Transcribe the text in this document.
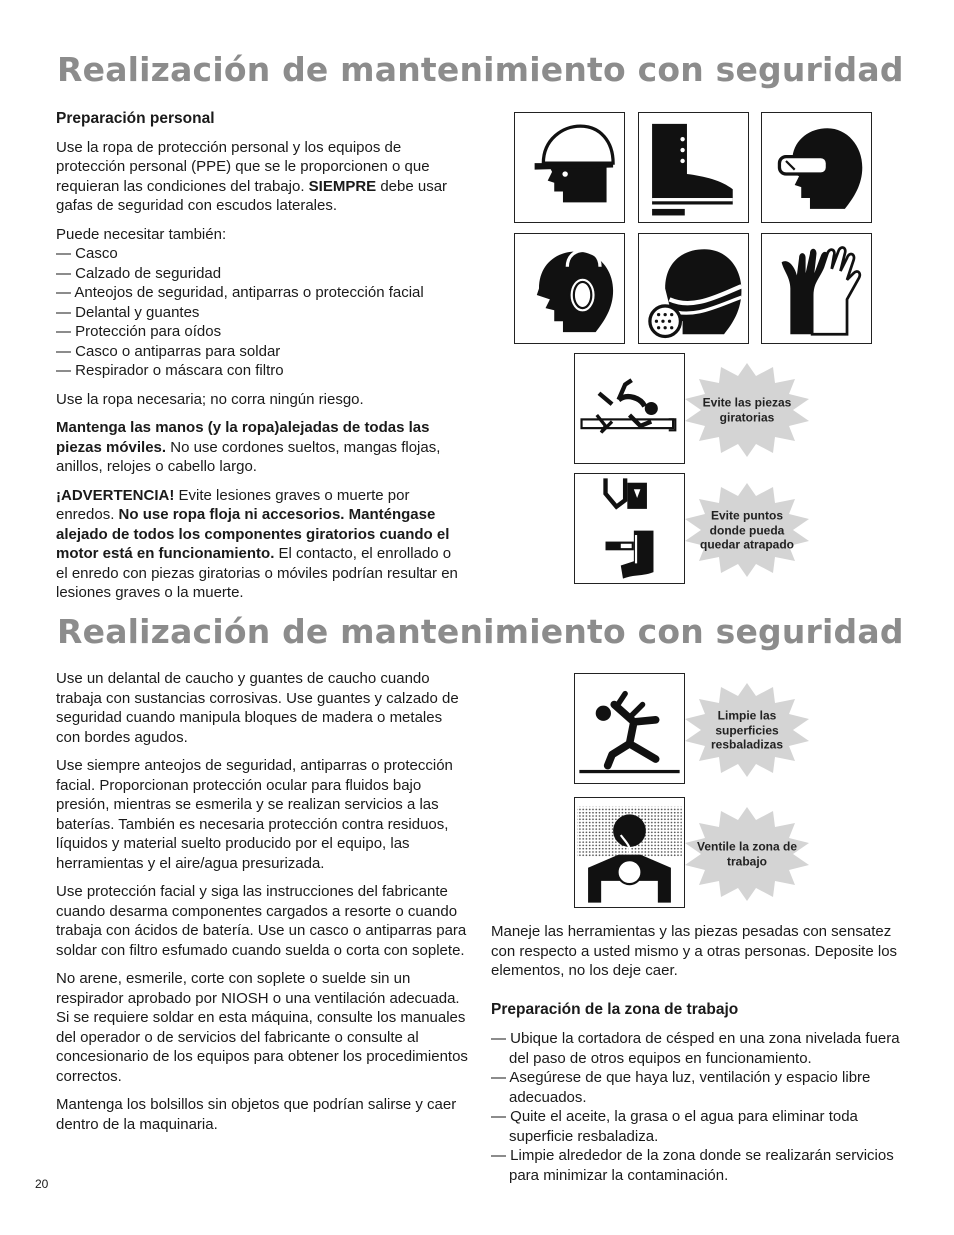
Realización de mantenimiento con seguridad
Preparación personal

Use la ropa de protección personal y los equipos de protección personal (PPE) que se le proporcionen o que requieran las condiciones del trabajo. SIEMPRE debe usar gafas de seguridad con escudos laterales.

Puede necesitar también:

— Casco
— Calzado de seguridad
— Anteojos de seguridad, antiparras o protección facial
— Delantal y guantes
— Protección para oídos
— Casco o antiparras para soldar
— Respirador o máscara con filtro

Use la ropa necesaria; no corra ningún riesgo.

Mantenga las manos (y la ropa)alejadas de todas las piezas móviles. No use cordones sueltos, mangas flojas, anillos, relojes o cabello largo.

¡ADVERTENCIA! Evite lesiones graves o muerte por enredos. No use ropa floja ni accesorios. Manténgase alejado de todos los componentes giratorios cuando el motor está en funcionamiento. El contacto, el enrollado o el enredo con piezas giratorias o móviles podrían resultar en lesiones graves o la muerte.

Evite las piezas giratorias
Evite puntos donde pueda quedar atrapado
Realización de mantenimiento con seguridad

Use un delantal de caucho y guantes de caucho cuando trabaja con sustancias corrosivas. Use guantes y calzado de seguridad cuando manipula bloques de madera o metales con bordes agudos.

Use siempre anteojos de seguridad, antiparras o protección facial. Proporcionan protección ocular para fluidos bajo presión, mientras se esmerila y se realizan servicios a las baterías. También es necesaria protección contra residuos, líquidos y material suelto producido por el equipo, las herramientas y el aire/agua presurizada.

Use protección facial y siga las instrucciones del fabricante cuando desarma componentes cargados a resorte o cuando trabaja con ácidos de batería. Use un casco o antiparras para soldar con filtro esfumado cuando suelda o corta con soplete.

No arene, esmerile, corte con soplete o suelde sin un respirador aprobado por NIOSH o una ventilación adecuada. Si se requiere soldar en esta máquina, consulte los manuales del operador o de servicios del fabricante o consulte al concesionario de los equipos para obtener los procedimientos correctos.

Mantenga los bolsillos sin objetos que podrían salirse y caer dentro de la maquinaria.

Limpie las superficies resbaladizas
Ventile la zona de trabajo

Maneje las herramientas y las piezas pesadas con sensatez con respecto a usted mismo y a otras personas. Deposite los elementos, no los deje caer.

Preparación de la zona de trabajo
— Ubique la cortadora de césped en una zona nivelada fuera del paso de otros equipos en funcionamiento.
— Asegúrese de que haya luz, ventilación y espacio libre adecuados.
— Quite el aceite, la grasa o el agua para eliminar toda superficie resbaladiza.
— Limpie alrededor de la zona donde se realizarán servicios para minimizar la contaminación.
20
